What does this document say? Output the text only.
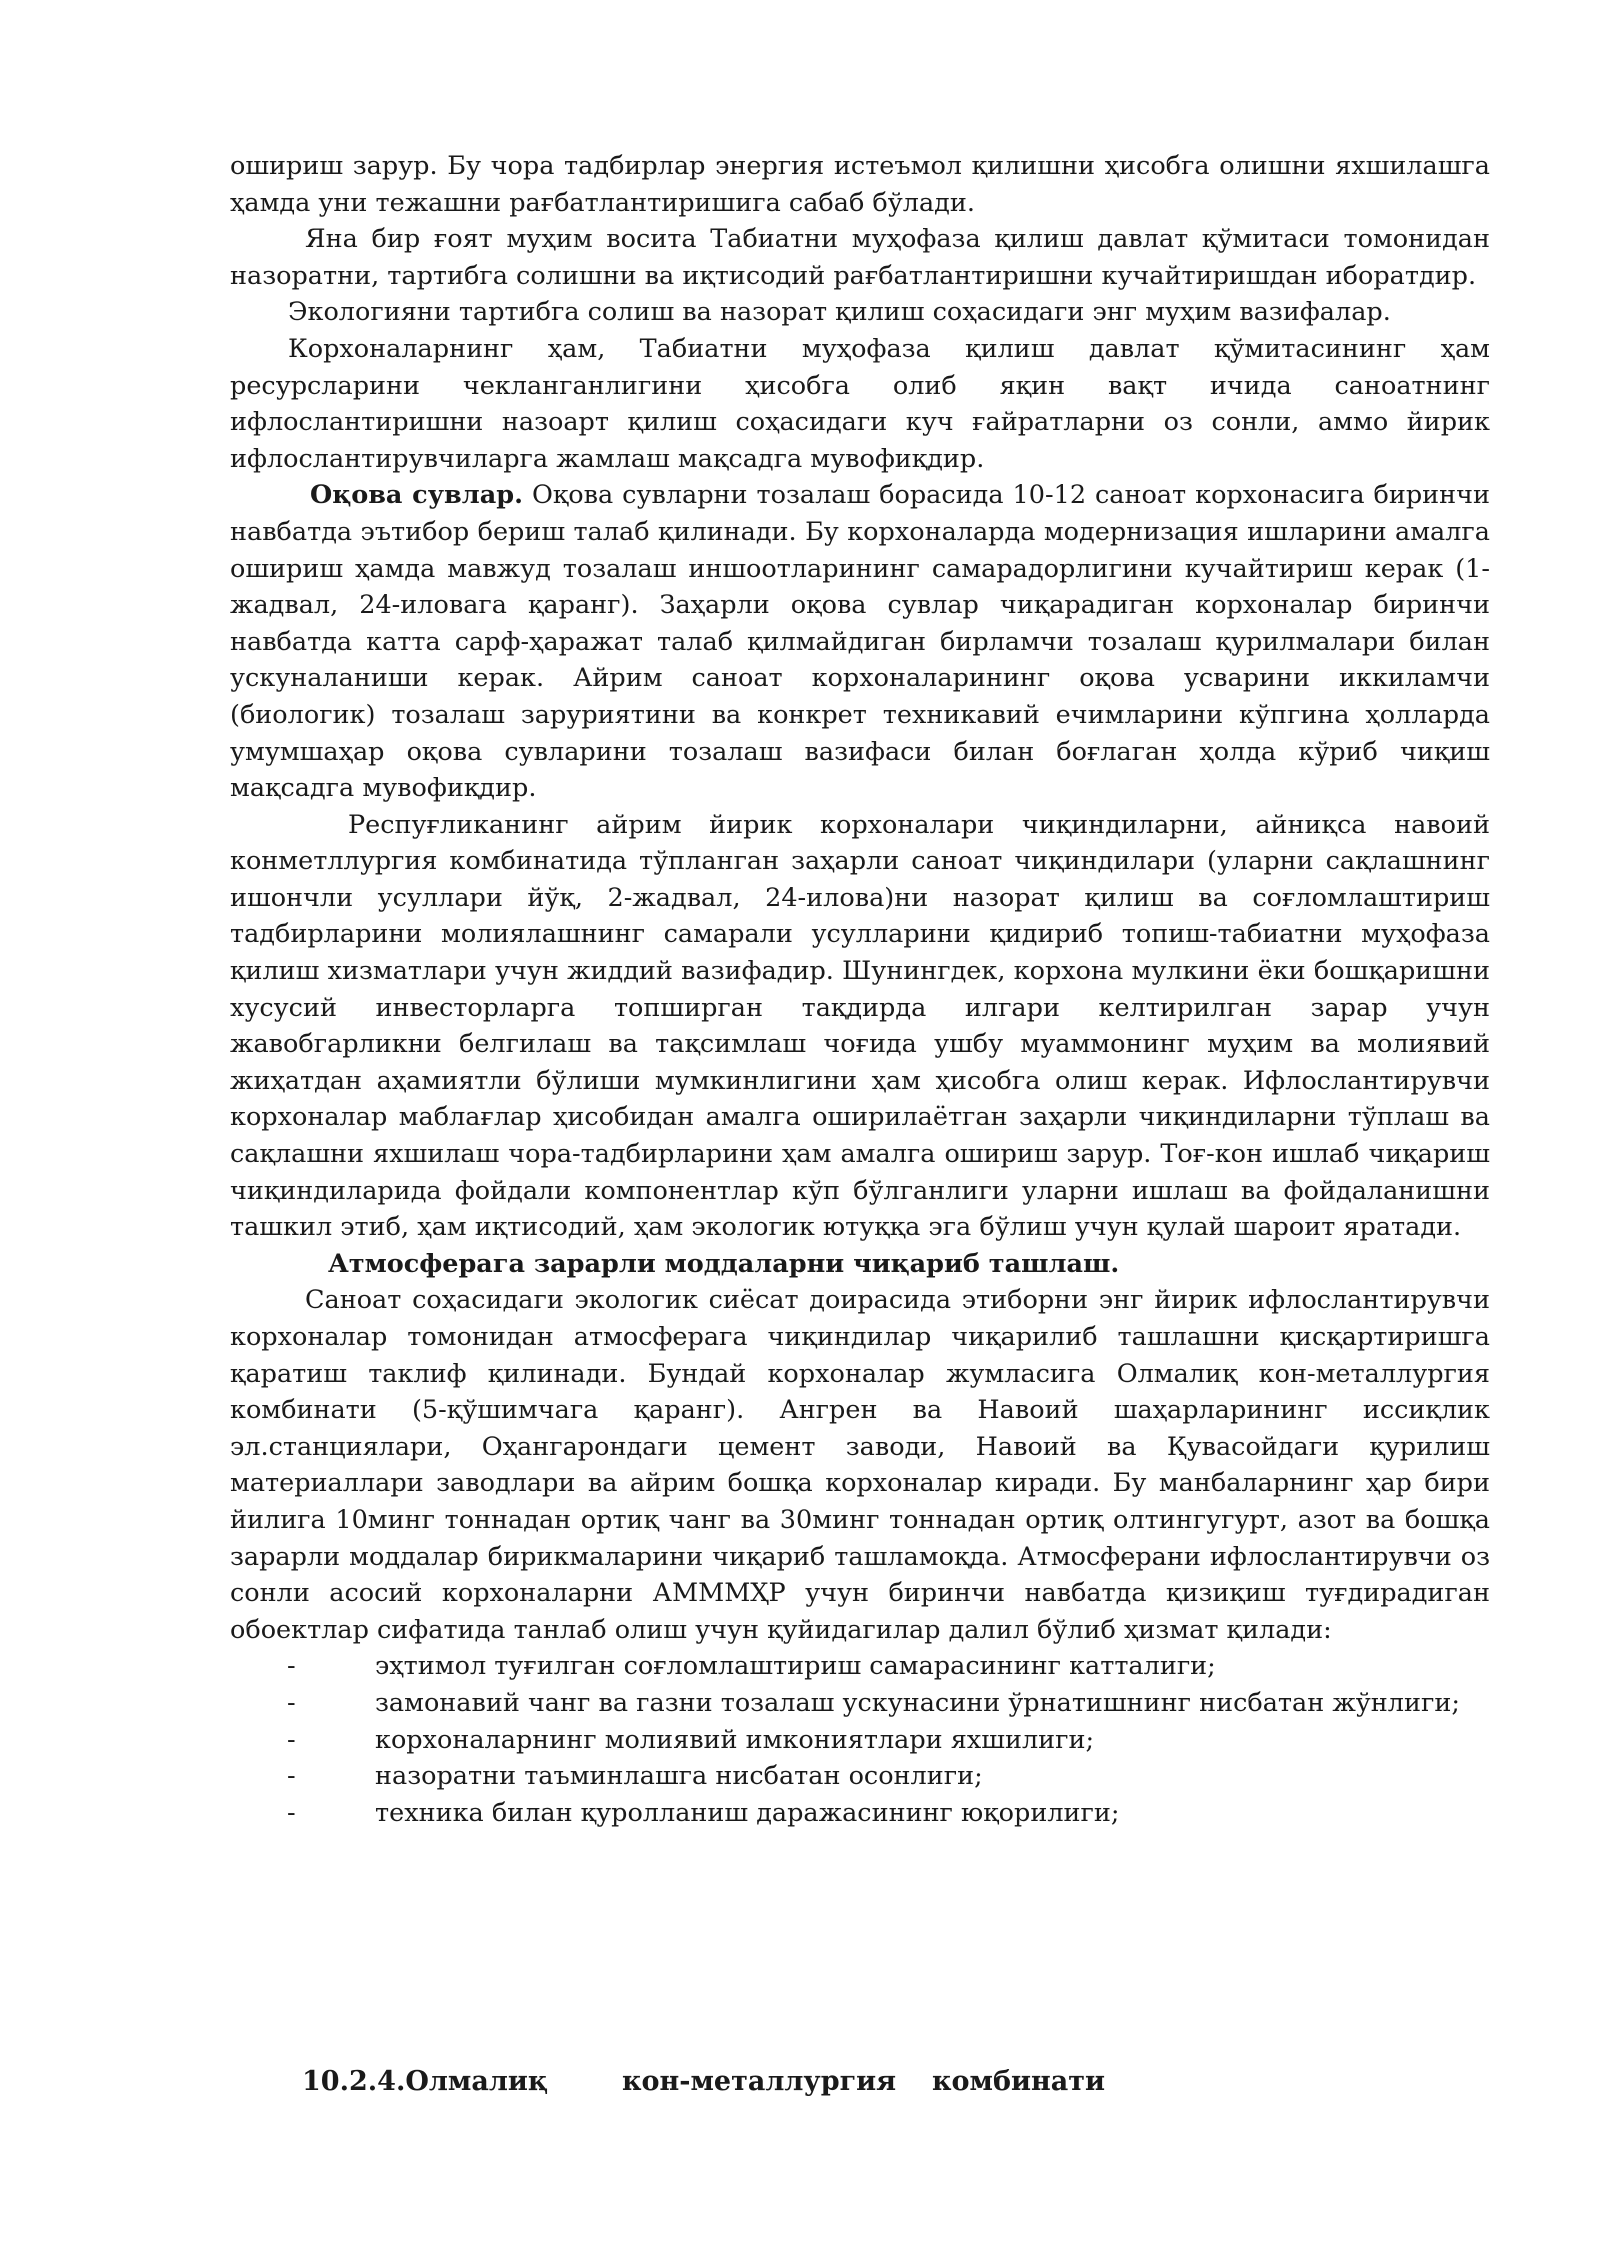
ошириш зарур. Бу чора тадбирлар энергия истеъмол қилишни ҳисобга олишни яхшилашга ҳамда уни тежашни рағбатлантиришига сабаб бўлади.

Яна бир ғоят муҳим восита Табиатни муҳофаза қилиш давлат қўмитаси томонидан назоратни, тартибга солишни ва иқтисодий рағбатлантиришни кучайтиришдан иборатдир.

Экологияни тартибга солиш ва назорат қилиш соҳасидаги энг муҳим вазифалар.

Корхоналарнинг ҳам, Табиатни муҳофаза қилиш давлат қўмитасининг ҳам ресурсларини чекланганлигини ҳисобга олиб яқин вақт ичида саноатнинг ифлослантиришни назоарт қилиш соҳасидаги куч ғайратларни оз сонли, аммо йирик ифлослантирувчиларга жамлаш мақсадга мувофиқдир.

Оқова сувлар. Оқова сувларни тозалаш борасида 10-12 саноат корхонасига биринчи навбатда эътибор бериш талаб қилинади. Бу корхоналарда модернизация ишларини амалга ошириш ҳамда мавжуд тозалаш иншоотларининг самарадорлигини кучайтириш керак (1-жадвал, 24-иловага қаранг). Заҳарли оқова сувлар чиқарадиган корхоналар биринчи навбатда катта сарф-ҳаражат талаб қилмайдиган бирламчи тозалаш қурилмалари билан ускуналаниши керак. Айрим саноат корхоналарининг оқова усварини иккиламчи (биологик) тозалаш заруриятини ва конкрет техникавий ечимларини кўпгина ҳолларда умумшаҳар оқова сувларини тозалаш вазифаси билан боғлаган ҳолда кўриб чиқиш мақсадга мувофиқдир.

Респуғликанинг айрим йирик корхоналари чиқиндиларни, айниқса навоий конметллургия комбинатида тўпланган заҳарли саноат чиқиндилари (уларни сақлашнинг ишончли усуллари йўқ, 2-жадвал, 24-илова)ни назорат қилиш ва соғломлаштириш тадбирларини молиялашнинг самарали усулларини қидириб топиш-табиатни муҳофаза қилиш хизматлари учун жиддий вазифадир. Шунингдек, корхона мулкини ёки бошқаришни хусусий инвесторларга топширган тақдирда илгари келтирилган зарар учун жавобгарликни белгилаш ва тақсимлаш чоғида ушбу муаммонинг муҳим ва молиявий жиҳатдан аҳамиятли бўлиши мумкинлигини ҳам ҳисобга олиш керак. Ифлослантирувчи корхоналар маблағлар ҳисобидан амалга оширилаётган заҳарли чиқиндиларни тўплаш ва сақлашни яхшилаш чора-тадбирларини ҳам амалга ошириш зарур. Тоғ-кон ишлаб чиқариш чиқиндиларида фойдали компонентлар кўп бўлганлиги уларни ишлаш ва фойдаланишни ташкил этиб, ҳам иқтисодий, ҳам экологик ютуққа эга бўлиш учун қулай шароит яратади.

Атмосферага зарарли моддаларни чиқариб ташлаш.

Саноат соҳасидаги экологик сиёсат доирасида этиборни энг йирик ифлослантирувчи корхоналар томонидан атмосферага чиқиндилар чиқарилиб ташлашни қисқартиришга қаратиш таклиф қилинади. Бундай корхоналар жумласига Олмалиқ кон-металлургия комбинати (5-қўшимчага қаранг). Ангрен ва Навоий шаҳарларининг иссиқлик эл.станциялари, Оҳангарондаги цемент заводи, Навоий ва Қувасойдаги қурилиш материаллари заводлари ва айрим бошқа корхоналар киради. Бу манбаларнинг ҳар бири йилига 10минг тоннадан ортиқ чанг ва 30минг тоннадан ортиқ олтингугурт, азот ва бошқа зарарли моддалар бирикмаларини чиқариб ташламоқда. Атмосферани ифлослантирувчи оз сонли асосий корхоналарни АМММҲР учун биринчи навбатда қизиқиш туғдирадиган обоектлар сифатида танлаб олиш учун қуйидагилар далил бўлиб ҳизмат қилади:

-	эҳтимол туғилган соғломлаштириш самарасининг катталиги;
-	замонавий чанг ва газни тозалаш ускунасини ўрнатишнинг нисбатан жўнлиги;
-	корхоналарнинг молиявий имкониятлари яхшилиги;
-	назоратни таъминлашга нисбатан осонлиги;
-	техника билан қуролланиш даражасининг юқорилиги;
10.2.4.Олмалиқ	кон-металлургия комбинати
